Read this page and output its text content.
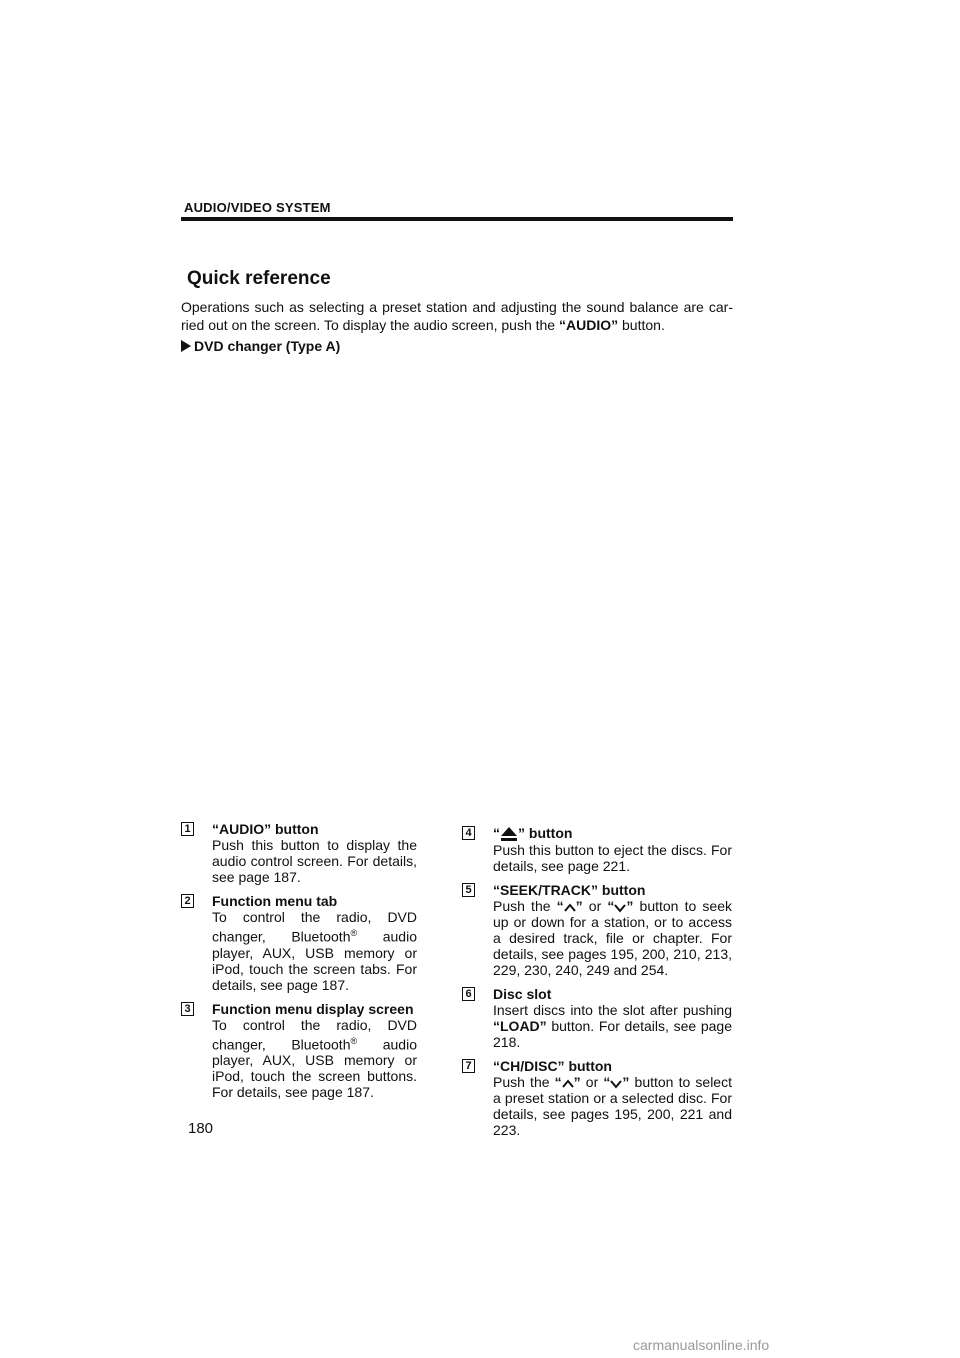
AUDIO/VIDEO SYSTEM
Quick reference
Operations such as selecting a preset station and adjusting the sound balance are car-ried out on the screen. To display the audio screen, push the “AUDIO” button.
DVD changer (Type A)
1 “AUDIO” button
Push this button to display the audio control screen. For details, see page 187.
2 Function menu tab
To control the radio, DVD changer, Bluetooth® audio player, AUX, USB memory or iPod, touch the screen tabs. For details, see page 187.
3 Function menu display screen
To control the radio, DVD changer, Bluetooth® audio player, AUX, USB memory or iPod, touch the screen buttons. For details, see page 187.
4 “ ” button
Push this button to eject the discs. For details, see page 221.
5 “SEEK/TRACK” button
Push the “ ” or “ ” button to seek up or down for a station, or to access a desired track, file or chapter. For details, see pages 195, 200, 210, 213, 229, 230, 240, 249 and 254.
6 Disc slot
Insert discs into the slot after pushing “LOAD” button. For details, see page 218.
7 “CH/DISC” button
Push the “ ” or “ ” button to select a preset station or a selected disc. For details, see pages 195, 200, 221 and 223.
180
carmanualsonline.info
